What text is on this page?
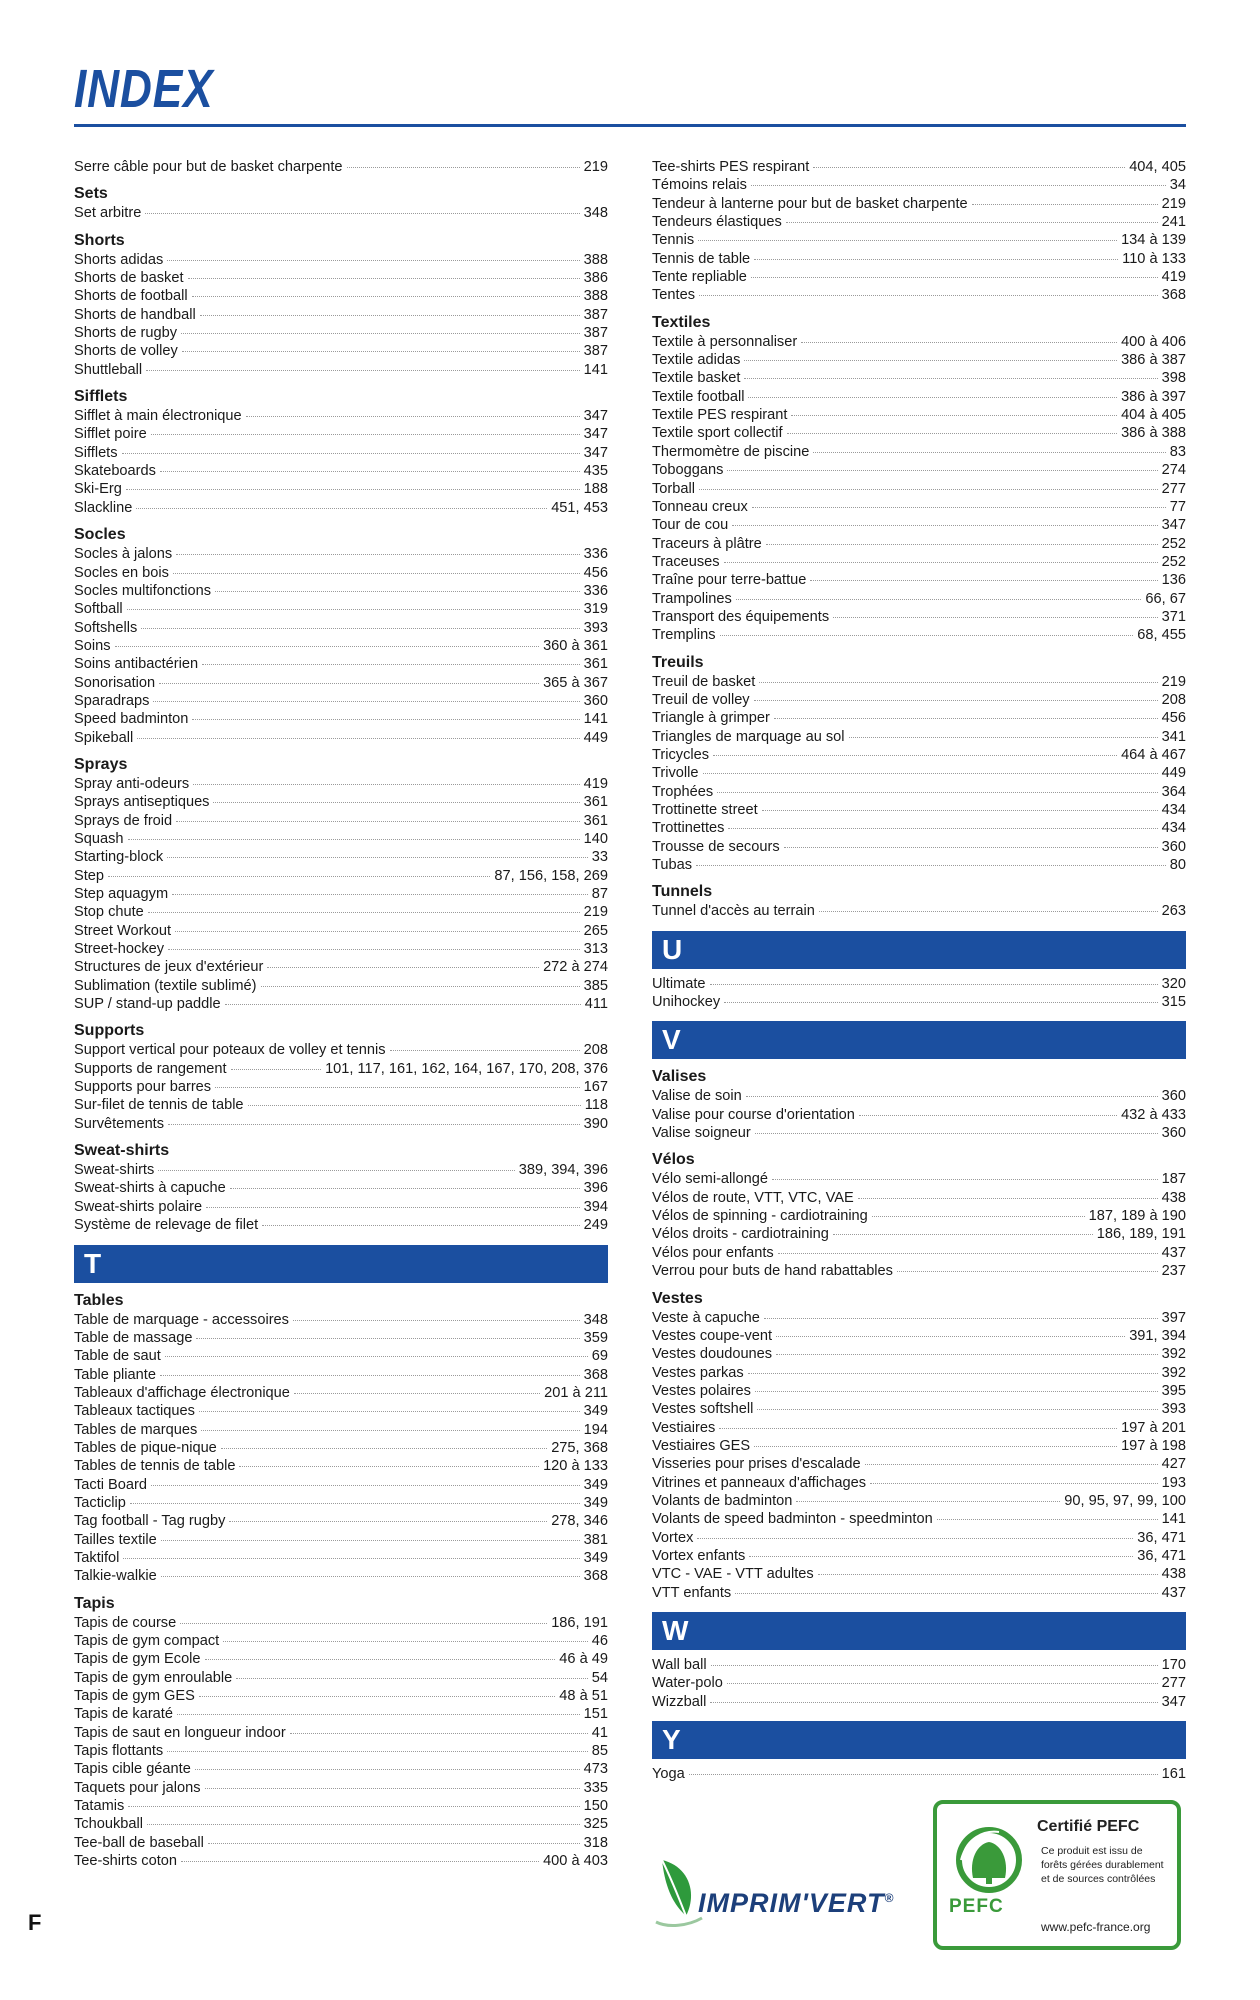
INDEX
Serre câble pour but de basket charpente	219
Sets
Set arbitre	348
Shorts
Shorts adidas	388
Shorts de basket	386
Shorts de football	388
Shorts de handball	387
Shorts de rugby	387
Shorts de volley	387
Shuttleball	141
Sifflets
Sifflet à main électronique	347
Sifflet poire	347
Sifflets	347
Skateboards	435
Ski-Erg	188
Slackline	451, 453
Socles
Socles à jalons	336
Socles en bois	456
Socles multifonctions	336
Softball	319
Softshells	393
Soins	360 à 361
Soins antibactérien	361
Sonorisation	365 à 367
Sparadraps	360
Speed badminton	141
Spikeball	449
Sprays
Spray anti-odeurs	419
Sprays antiseptiques	361
Sprays de froid	361
Squash	140
Starting-block	33
Step	87, 156, 158, 269
Step aquagym	87
Stop chute	219
Street Workout	265
Street-hockey	313
Structures de jeux d'extérieur	272 à 274
Sublimation (textile sublimé)	385
SUP / stand-up paddle	411
Supports
Support vertical pour poteaux de volley et tennis	208
Supports de rangement	101, 117, 161, 162, 164, 167, 170, 208, 376
Supports pour barres	167
Sur-filet de tennis de table	118
Survêtements	390
Sweat-shirts
Sweat-shirts	389, 394, 396
Sweat-shirts à capuche	396
Sweat-shirts polaire	394
Système de relevage de filet	249
T
Tables
Table de marquage - accessoires	348
Table de massage	359
Table de saut	69
Table pliante	368
Tableaux d'affichage électronique	201 à 211
Tableaux tactiques	349
Tables de marques	194
Tables de pique-nique	275, 368
Tables de tennis de table	120 à 133
Tacti Board	349
Tacticlip	349
Tag football - Tag rugby	278, 346
Tailles textile	381
Taktifol	349
Talkie-walkie	368
Tapis
Tapis de course	186, 191
Tapis de gym compact	46
Tapis de gym Ecole	46 à 49
Tapis de gym enroulable	54
Tapis de gym GES	48 à 51
Tapis de karaté	151
Tapis de saut en longueur indoor	41
Tapis flottants	85
Tapis cible géante	473
Taquets pour jalons	335
Tatamis	150
Tchoukball	325
Tee-ball de baseball	318
Tee-shirts coton	400 à 403
Tee-shirts PES respirant	404, 405
Témoins relais	34
Tendeur à lanterne pour but de basket charpente	219
Tendeurs élastiques	241
Tennis	134 à 139
Tennis de table	110 à 133
Tente repliable	419
Tentes	368
Textiles
Textile à personnaliser	400 à 406
Textile adidas	386 à 387
Textile basket	398
Textile football	386 à 397
Textile PES respirant	404 à 405
Textile sport collectif	386 à 388
Thermomètre de piscine	83
Toboggans	274
Torball	277
Tonneau creux	77
Tour de cou	347
Traceurs à plâtre	252
Traceuses	252
Traîne pour terre-battue	136
Trampolines	66, 67
Transport des équipements	371
Tremplins	68, 455
Treuils
Treuil de basket	219
Treuil de volley	208
Triangle à grimper	456
Triangles de marquage au sol	341
Tricycles	464 à 467
Trivolle	449
Trophées	364
Trottinette street	434
Trottinettes	434
Trousse de secours	360
Tubas	80
Tunnels
Tunnel d'accès au terrain	263
U
Ultimate	320
Unihockey	315
V
Valises
Valise de soin	360
Valise pour course d'orientation	432 à 433
Valise soigneur	360
Vélos
Vélo semi-allongé	187
Vélos de route, VTT, VTC, VAE	438
Vélos de spinning - cardiotraining	187, 189 à 190
Vélos droits - cardiotraining	186, 189, 191
Vélos pour enfants	437
Verrou pour buts de hand rabattables	237
Vestes
Veste à capuche	397
Vestes coupe-vent	391, 394
Vestes doudounes	392
Vestes parkas	392
Vestes polaires	395
Vestes softshell	393
Vestiaires	197 à 201
Vestiaires GES	197 à 198
Visseries pour prises d'escalade	427
Vitrines et panneaux d'affichages	193
Volants de badminton	90, 95, 97, 99, 100
Volants de speed badminton - speedminton	141
Vortex	36, 471
Vortex enfants	36, 471
VTC - VAE - VTT adultes	438
VTT enfants	437
W
Wall ball	170
Water-polo	277
Wizzball	347
Y
Yoga	161
F
IMPRIM'VERT®	PEFC
Certifié PEFC
Ce produit est issu de forêts gérées durablement et de sources contrôlées
www.pefc-france.org
